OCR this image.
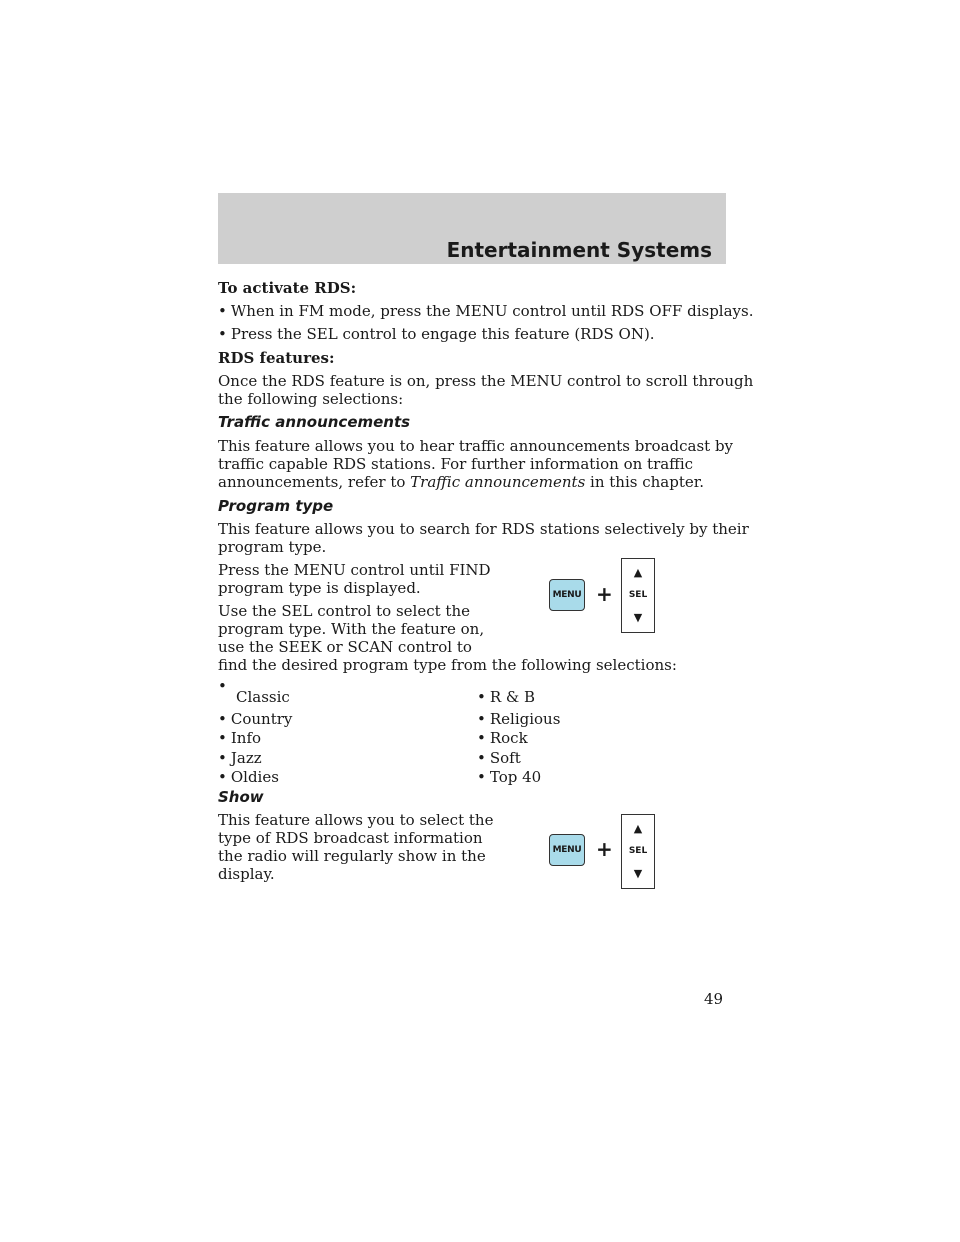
Entertainment Systems
To activate RDS:
• When in FM mode, press the MENU control until RDS OFF displays.
• Press the SEL control to engage this feature (RDS ON).
RDS features:
Once the RDS feature is on, press the MENU control to scroll through
the following selections:
Traffic announcements
This feature allows you to hear traffic announcements broadcast by
traffic capable RDS stations. For further information on traffic
announcements, refer to Traffic announcements in this chapter.
Program type
This feature allows you to search for RDS stations selectively by their
program type.
Press the MENU control until FIND
program type is displayed.
Use the SEL control to select the
program type. With the feature on,
use the SEEK or SCAN control to
find the desired program type from the following selections:
MENU +
▲
SEL
▼
•
Classic
• Country
• Info
• Jazz
• Oldies
• R & B
• Religious
• Rock
• Soft
• Top 40
Show
This feature allows you to select the
type of RDS broadcast information
the radio will regularly show in the
display.
MENU +
▲
SEL
▼
49
